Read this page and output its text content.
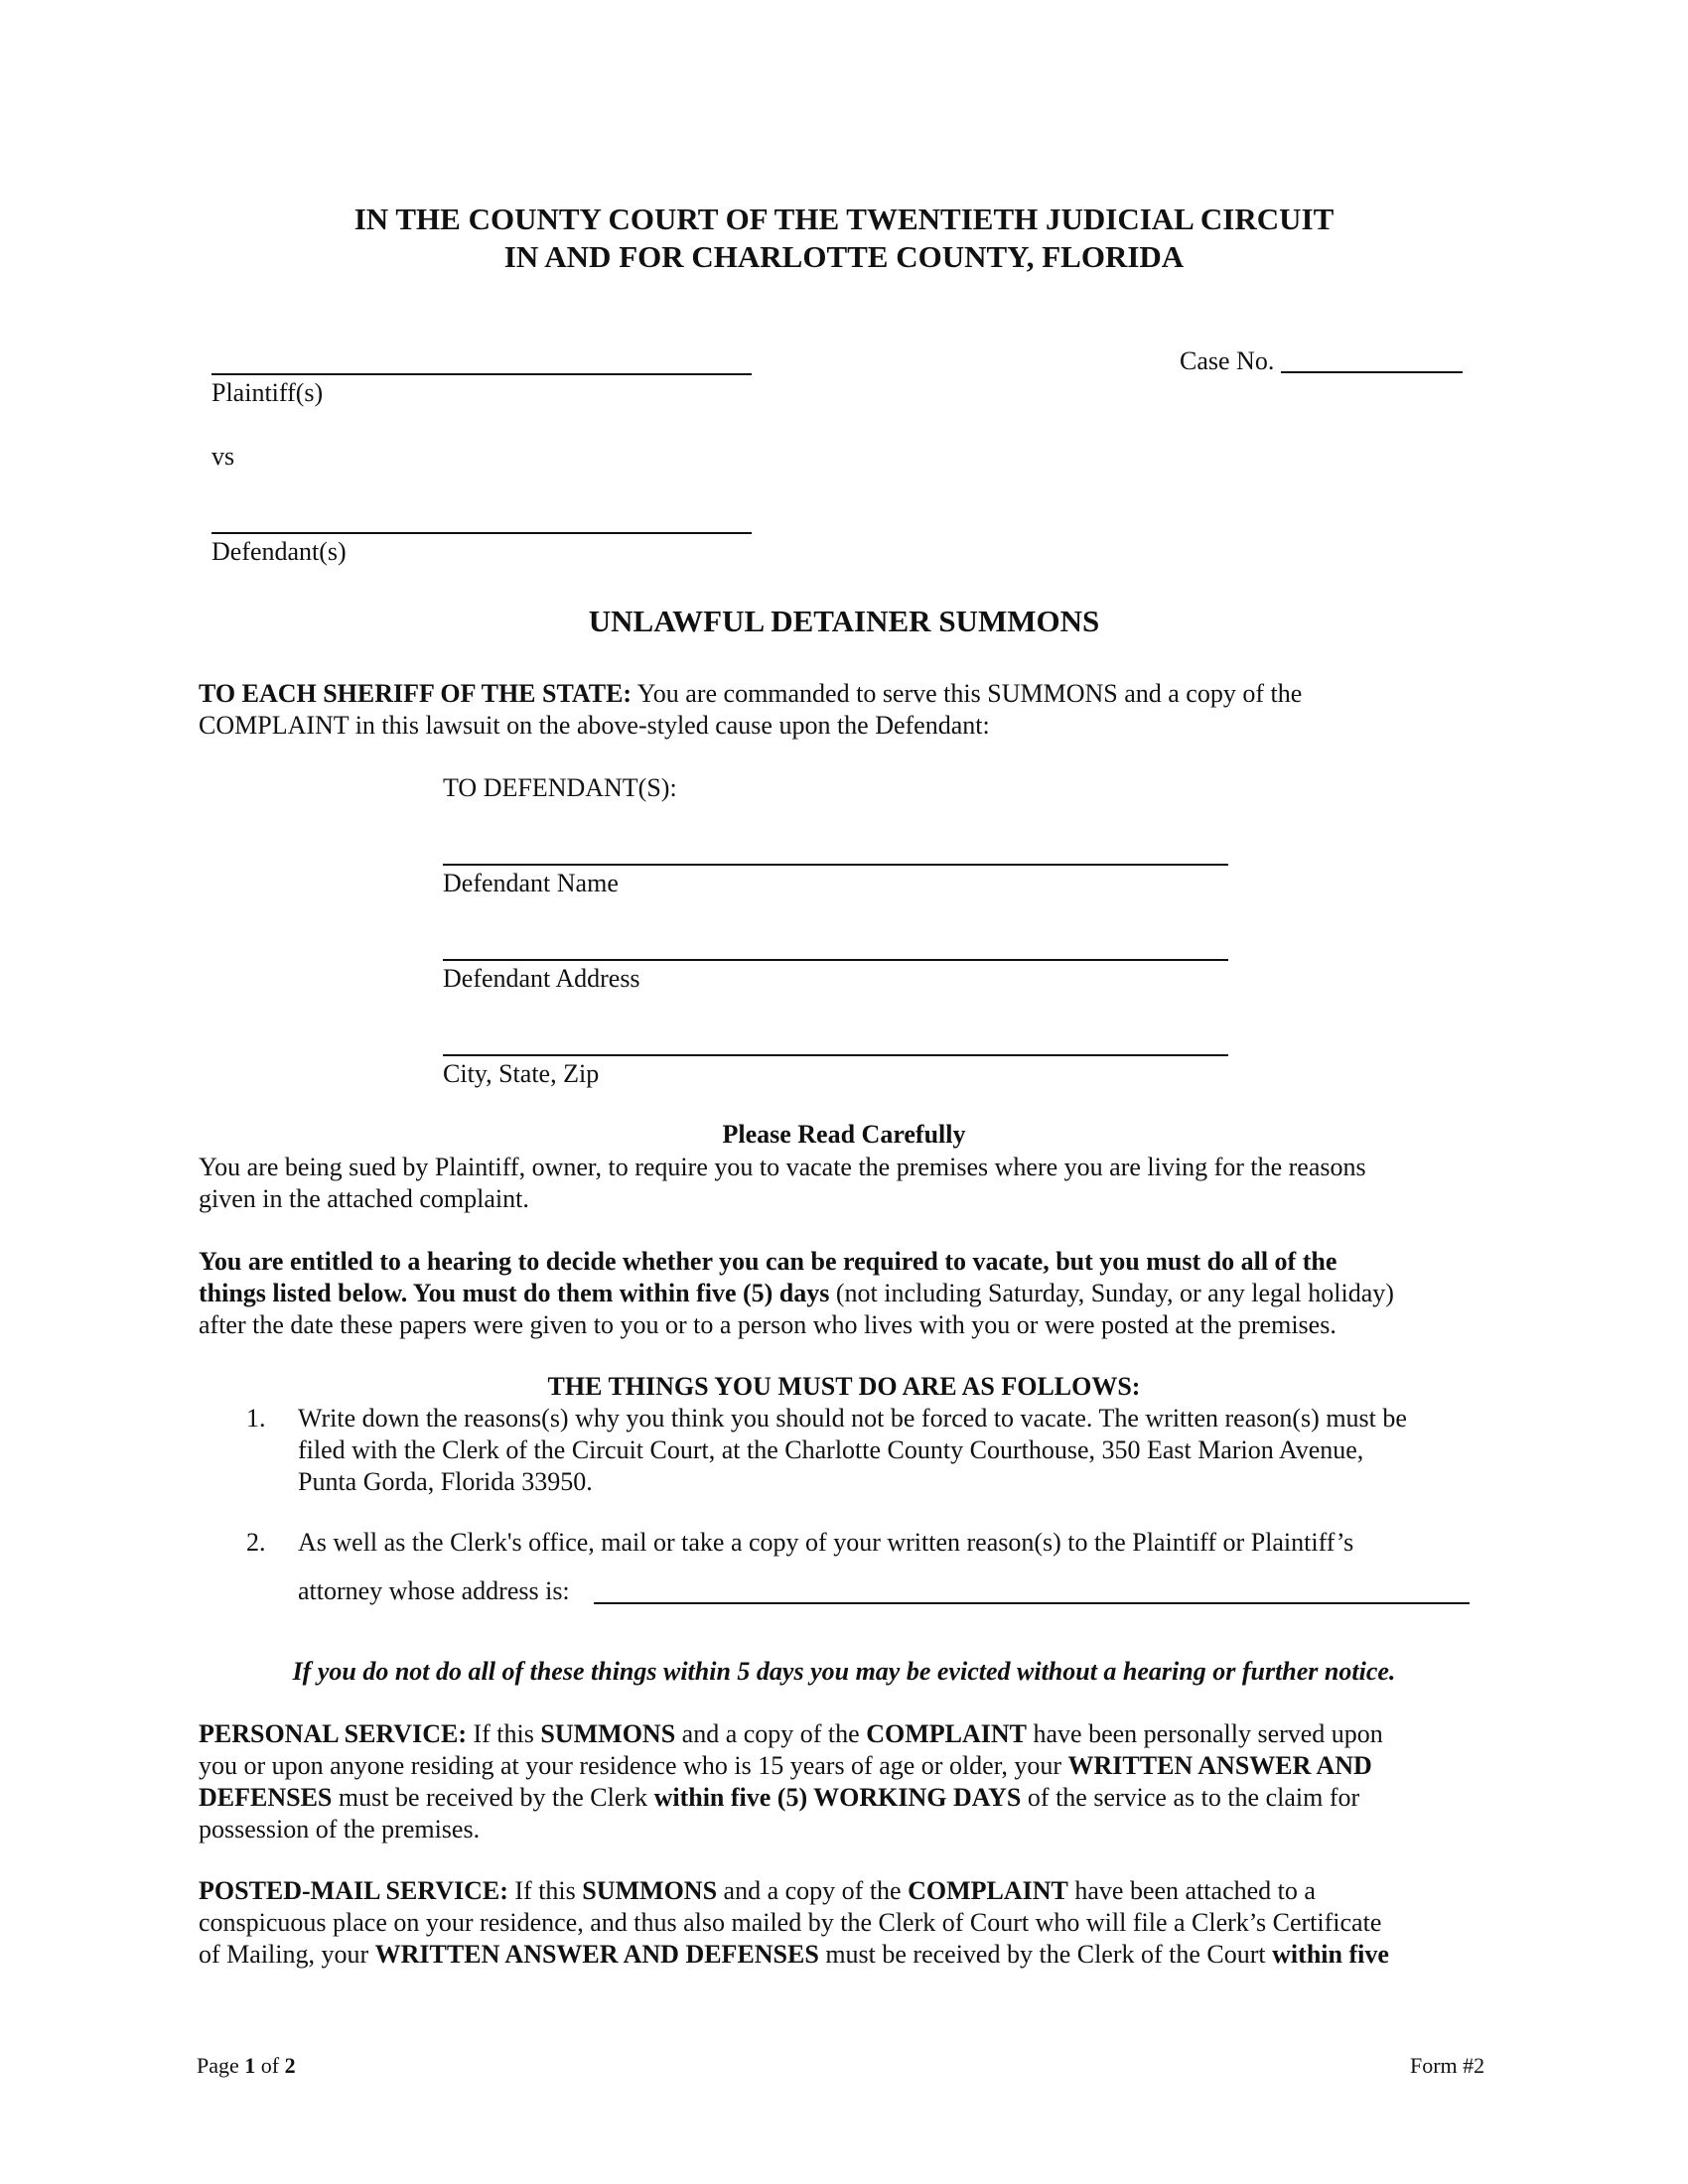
IN THE COUNTY COURT OF THE TWENTIETH JUDICIAL CIRCUIT
IN AND FOR CHARLOTTE COUNTY, FLORIDA
Plaintiff(s)
vs
Defendant(s)
Case No.
UNLAWFUL DETAINER SUMMONS
TO EACH SHERIFF OF THE STATE: You are commanded to serve this SUMMONS and a copy of the
COMPLAINT in this lawsuit on the above-styled cause upon the Defendant:
TO DEFENDANT(S):
Defendant Name
Defendant Address
City, State, Zip
Please Read Carefully
You are being sued by Plaintiff, owner, to require you to vacate the premises where you are living for the reasons
given in the attached complaint.
You are entitled to a hearing to decide whether you can be required to vacate, but you must do all of the
things listed below. You must do them within five (5) days (not including Saturday, Sunday, or any legal holiday)
after the date these papers were given to you or to a person who lives with you or were posted at the premises.
THE THINGS YOU MUST DO ARE AS FOLLOWS:
1.	Write down the reasons(s) why you think you should not be forced to vacate. The written reason(s) must be
filed with the Clerk of the Circuit Court, at the Charlotte County Courthouse, 350 East Marion Avenue,
Punta Gorda, Florida 33950.
2.	As well as the Clerk's office, mail or take a copy of your written reason(s) to the Plaintiff or Plaintiff’s
attorney whose address is:
If you do not do all of these things within 5 days you may be evicted without a hearing or further notice.
PERSONAL SERVICE: If this SUMMONS and a copy of the COMPLAINT have been personally served upon
you or upon anyone residing at your residence who is 15 years of age or older, your WRITTEN ANSWER AND
DEFENSES must be received by the Clerk within five (5) WORKING DAYS of the service as to the claim for
possession of the premises.
POSTED-MAIL SERVICE: If this SUMMONS and a copy of the COMPLAINT have been attached to a
conspicuous place on your residence, and thus also mailed by the Clerk of Court who will file a Clerk’s Certificate
of Mailing, your WRITTEN ANSWER AND DEFENSES must be received by the Clerk of the Court within five
Page 1 of 2	Form #2
